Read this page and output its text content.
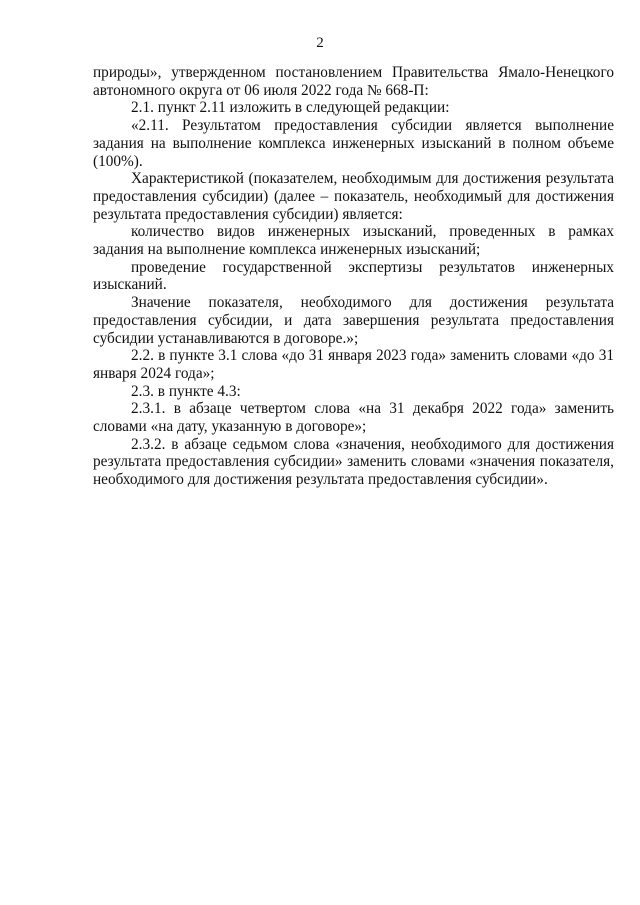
2

природы», утвержденном постановлением Правительства Ямало-Ненецкого автономного округа от 06 июля 2022 года № 668-П:

2.1. пункт 2.11 изложить в следующей редакции:

«2.11. Результатом предоставления субсидии является выполнение задания на выполнение комплекса инженерных изысканий в полном объеме (100%).

Характеристикой (показателем, необходимым для достижения результата предоставления субсидии) (далее – показатель, необходимый для достижения результата предоставления субсидии) является:

количество видов инженерных изысканий, проведенных в рамках задания на выполнение комплекса инженерных изысканий;

проведение государственной экспертизы результатов инженерных изысканий.

Значение показателя, необходимого для достижения результата предоставления субсидии, и дата завершения результата предоставления субсидии устанавливаются в договоре.»;

2.2. в пункте 3.1 слова «до 31 января 2023 года» заменить словами «до 31 января 2024 года»;

2.3. в пункте 4.3:

2.3.1. в абзаце четвертом слова «на 31 декабря 2022 года» заменить словами «на дату, указанную в договоре»;

2.3.2. в абзаце седьмом слова «значения, необходимого для достижения результата предоставления субсидии» заменить словами «значения показателя, необходимого для достижения результата предоставления субсидии».
